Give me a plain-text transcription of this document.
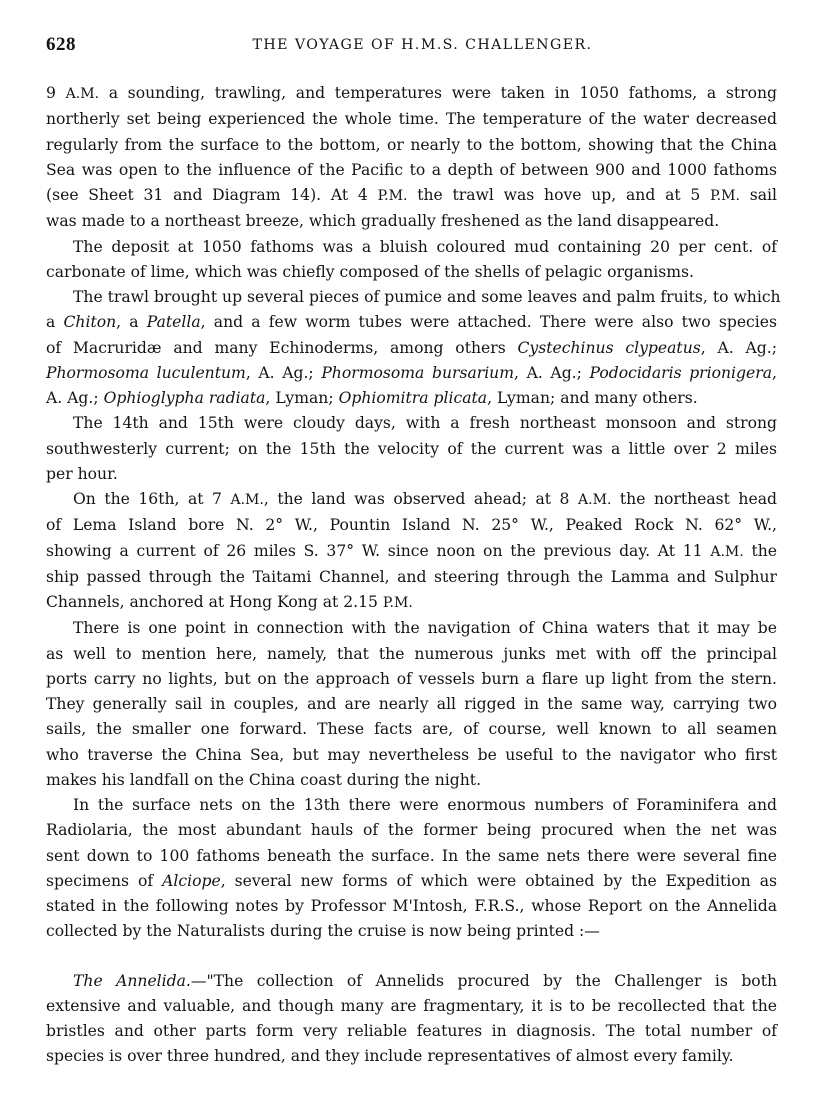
628	THE VOYAGE OF H.M.S. CHALLENGER.

9 A.M. a sounding, trawling, and temperatures were taken in 1050 fathoms, a strong
northerly set being experienced the whole time. The temperature of the water decreased
regularly from the surface to the bottom, or nearly to the bottom, showing that the China
Sea was open to the influence of the Pacific to a depth of between 900 and 1000 fathoms
(see Sheet 31 and Diagram 14). At 4 P.M. the trawl was hove up, and at 5 P.M. sail
was made to a northeast breeze, which gradually freshened as the land disappeared.

The deposit at 1050 fathoms was a bluish coloured mud containing 20 per cent. of
carbonate of lime, which was chiefly composed of the shells of pelagic organisms.

The trawl brought up several pieces of pumice and some leaves and palm fruits, to which
a Chiton, a Patella, and a few worm tubes were attached. There were also two species
of Macruridæ and many Echinoderms, among others Cystechinus clypeatus, A. Ag.;
Phormosoma luculentum, A. Ag.; Phormosoma bursarium, A. Ag.; Podocidaris prionigera,
A. Ag.; Ophioglypha radiata, Lyman; Ophiomitra plicata, Lyman; and many others.

The 14th and 15th were cloudy days, with a fresh northeast monsoon and strong
southwesterly current; on the 15th the velocity of the current was a little over 2 miles
per hour.

On the 16th, at 7 A.M., the land was observed ahead; at 8 A.M. the northeast head
of Lema Island bore N. 2° W., Pountin Island N. 25° W., Peaked Rock N. 62° W.,
showing a current of 26 miles S. 37° W. since noon on the previous day. At 11 A.M. the
ship passed through the Taitami Channel, and steering through the Lamma and Sulphur
Channels, anchored at Hong Kong at 2.15 P.M.

There is one point in connection with the navigation of China waters that it may be
as well to mention here, namely, that the numerous junks met with off the principal
ports carry no lights, but on the approach of vessels burn a flare up light from the stern.
They generally sail in couples, and are nearly all rigged in the same way, carrying two
sails, the smaller one forward. These facts are, of course, well known to all seamen
who traverse the China Sea, but may nevertheless be useful to the navigator who first
makes his landfall on the China coast during the night.

In the surface nets on the 13th there were enormous numbers of Foraminifera and
Radiolaria, the most abundant hauls of the former being procured when the net was
sent down to 100 fathoms beneath the surface. In the same nets there were several fine
specimens of Alciope, several new forms of which were obtained by the Expedition as
stated in the following notes by Professor M'Intosh, F.R.S., whose Report on the Annelida
collected by the Naturalists during the cruise is now being printed :—

The Annelida.—"The collection of Annelids procured by the Challenger is both
extensive and valuable, and though many are fragmentary, it is to be recollected that the
bristles and other parts form very reliable features in diagnosis. The total number of
species is over three hundred, and they include representatives of almost every family.
